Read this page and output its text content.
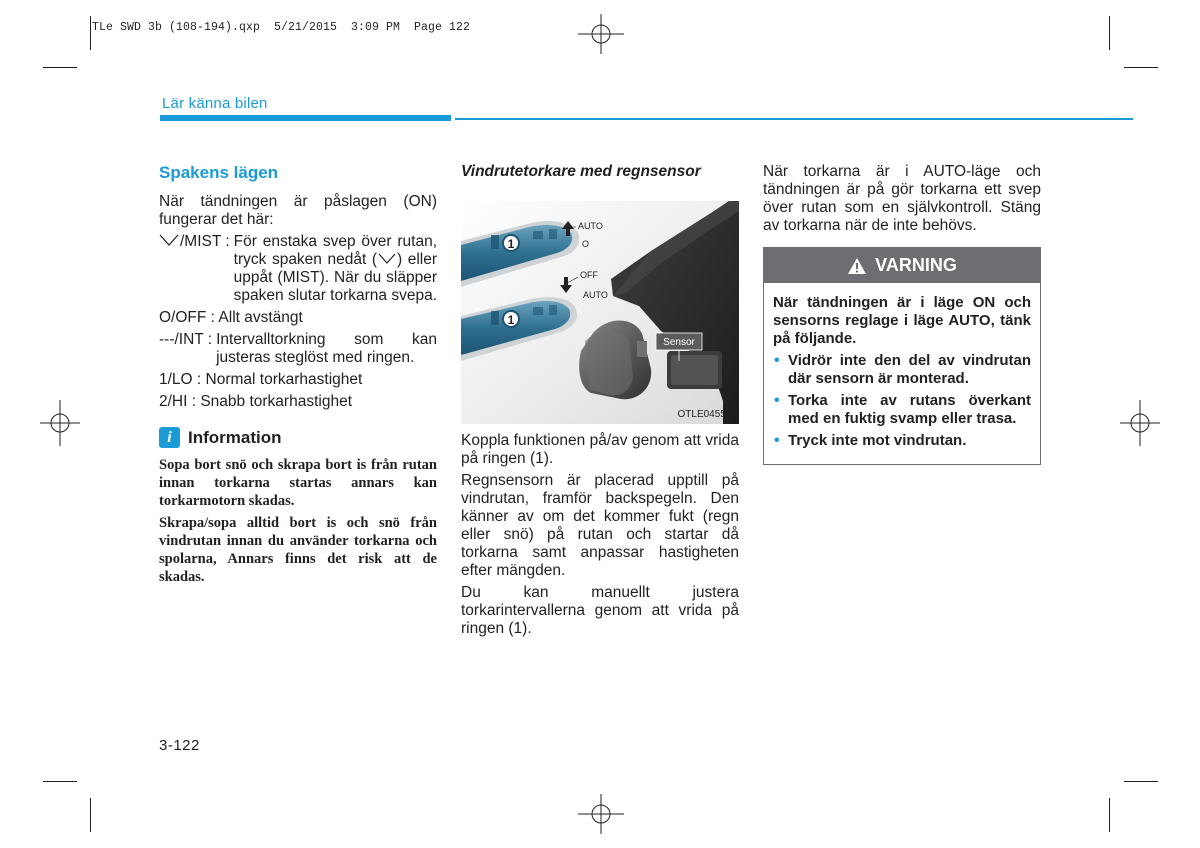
TLe SWD 3b (108-194).qxp  5/21/2015  3:09 PM  Page 122
Lär känna bilen
Spakens lägen

När tändningen är påslagen (ON) fungerar det här:

/MIST : För enstaka svep över rutan, tryck spaken nedåt ( ) eller uppåt (MIST). När du släpper spaken slutar torkarna svepa.

O/OFF : Allt avstängt

---/INT : Intervalltorkning som kan justeras steglöst med ringen.

1/LO : Normal torkarhastighet

2/HI : Snabb torkarhastighet

i Information

Sopa bort snö och skrapa bort is från rutan innan torkarna startas annars kan torkarmotorn skadas.

Skrapa/sopa alltid bort is och snö från vindrutan innan du använder torkarna och spolarna, Annars finns det risk att de skadas.

Vindrutetorkare med regnsensor
1
1
AUTO
O
OFF
AUTO
Sensor
OTLE045509

Koppla funktionen på/av genom att vrida på ringen (1).

Regnsensorn är placerad upptill på vindrutan, framför backspegeln. Den känner av om det kommer fukt (regn eller snö) på rutan och startar då torkarna samt anpassar hastigheten efter mängden.

Du kan manuellt justera torkarintervallerna genom att vrida på ringen (1).

När torkarna är i AUTO-läge och tändningen är på gör torkarna ett svep över rutan som en självkontroll. Stäng av torkarna när de inte behövs.

VARNING

När tändningen är i läge ON och sensorns reglage i läge AUTO, tänk på följande.

• Vidrör inte den del av vindrutan där sensorn är monterad.
• Torka inte av rutans överkant med en fuktig svamp eller trasa.
• Tryck inte mot vindrutan.
3-122
